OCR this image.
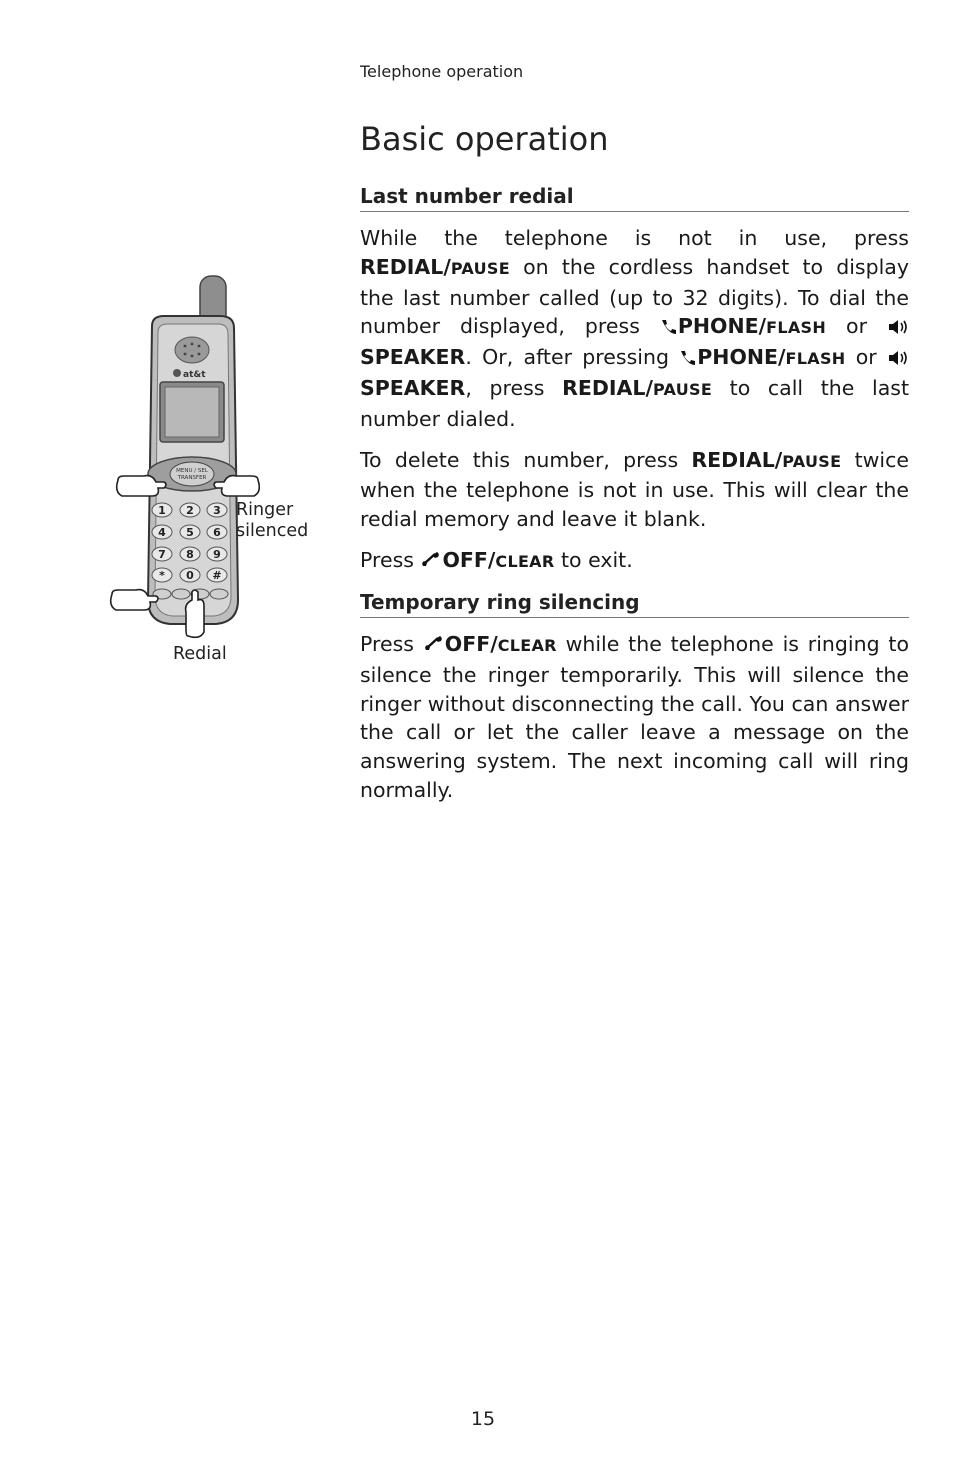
Telephone operation
Basic operation
at&t
MENU / SEL
TRANSFER
1 2 3
4 5 6
7 8 9
* 0 #
Ringer
silenced
Redial
Last number redial

While the telephone is not in use, press REDIAL/PAUSE on the cordless handset to display the last number called (up to 32 digits). To dial the number displayed, press
PHONE/FLASH or
SPEAKER. Or, after pressing
PHONE/FLASH or
SPEAKER, press REDIAL/PAUSE to call the last number dialed.

To delete this number, press REDIAL/PAUSE twice when the telephone is not in use. This will clear the redial memory and leave it blank.

Press
OFF/CLEAR to exit.

Temporary ring silencing

Press
OFF/CLEAR while the telephone is ringing to silence the ringer temporarily. This will silence the ringer without disconnecting the call. You can answer the call or let the caller leave a message on the answering system. The next incoming call will ring normally.

15
